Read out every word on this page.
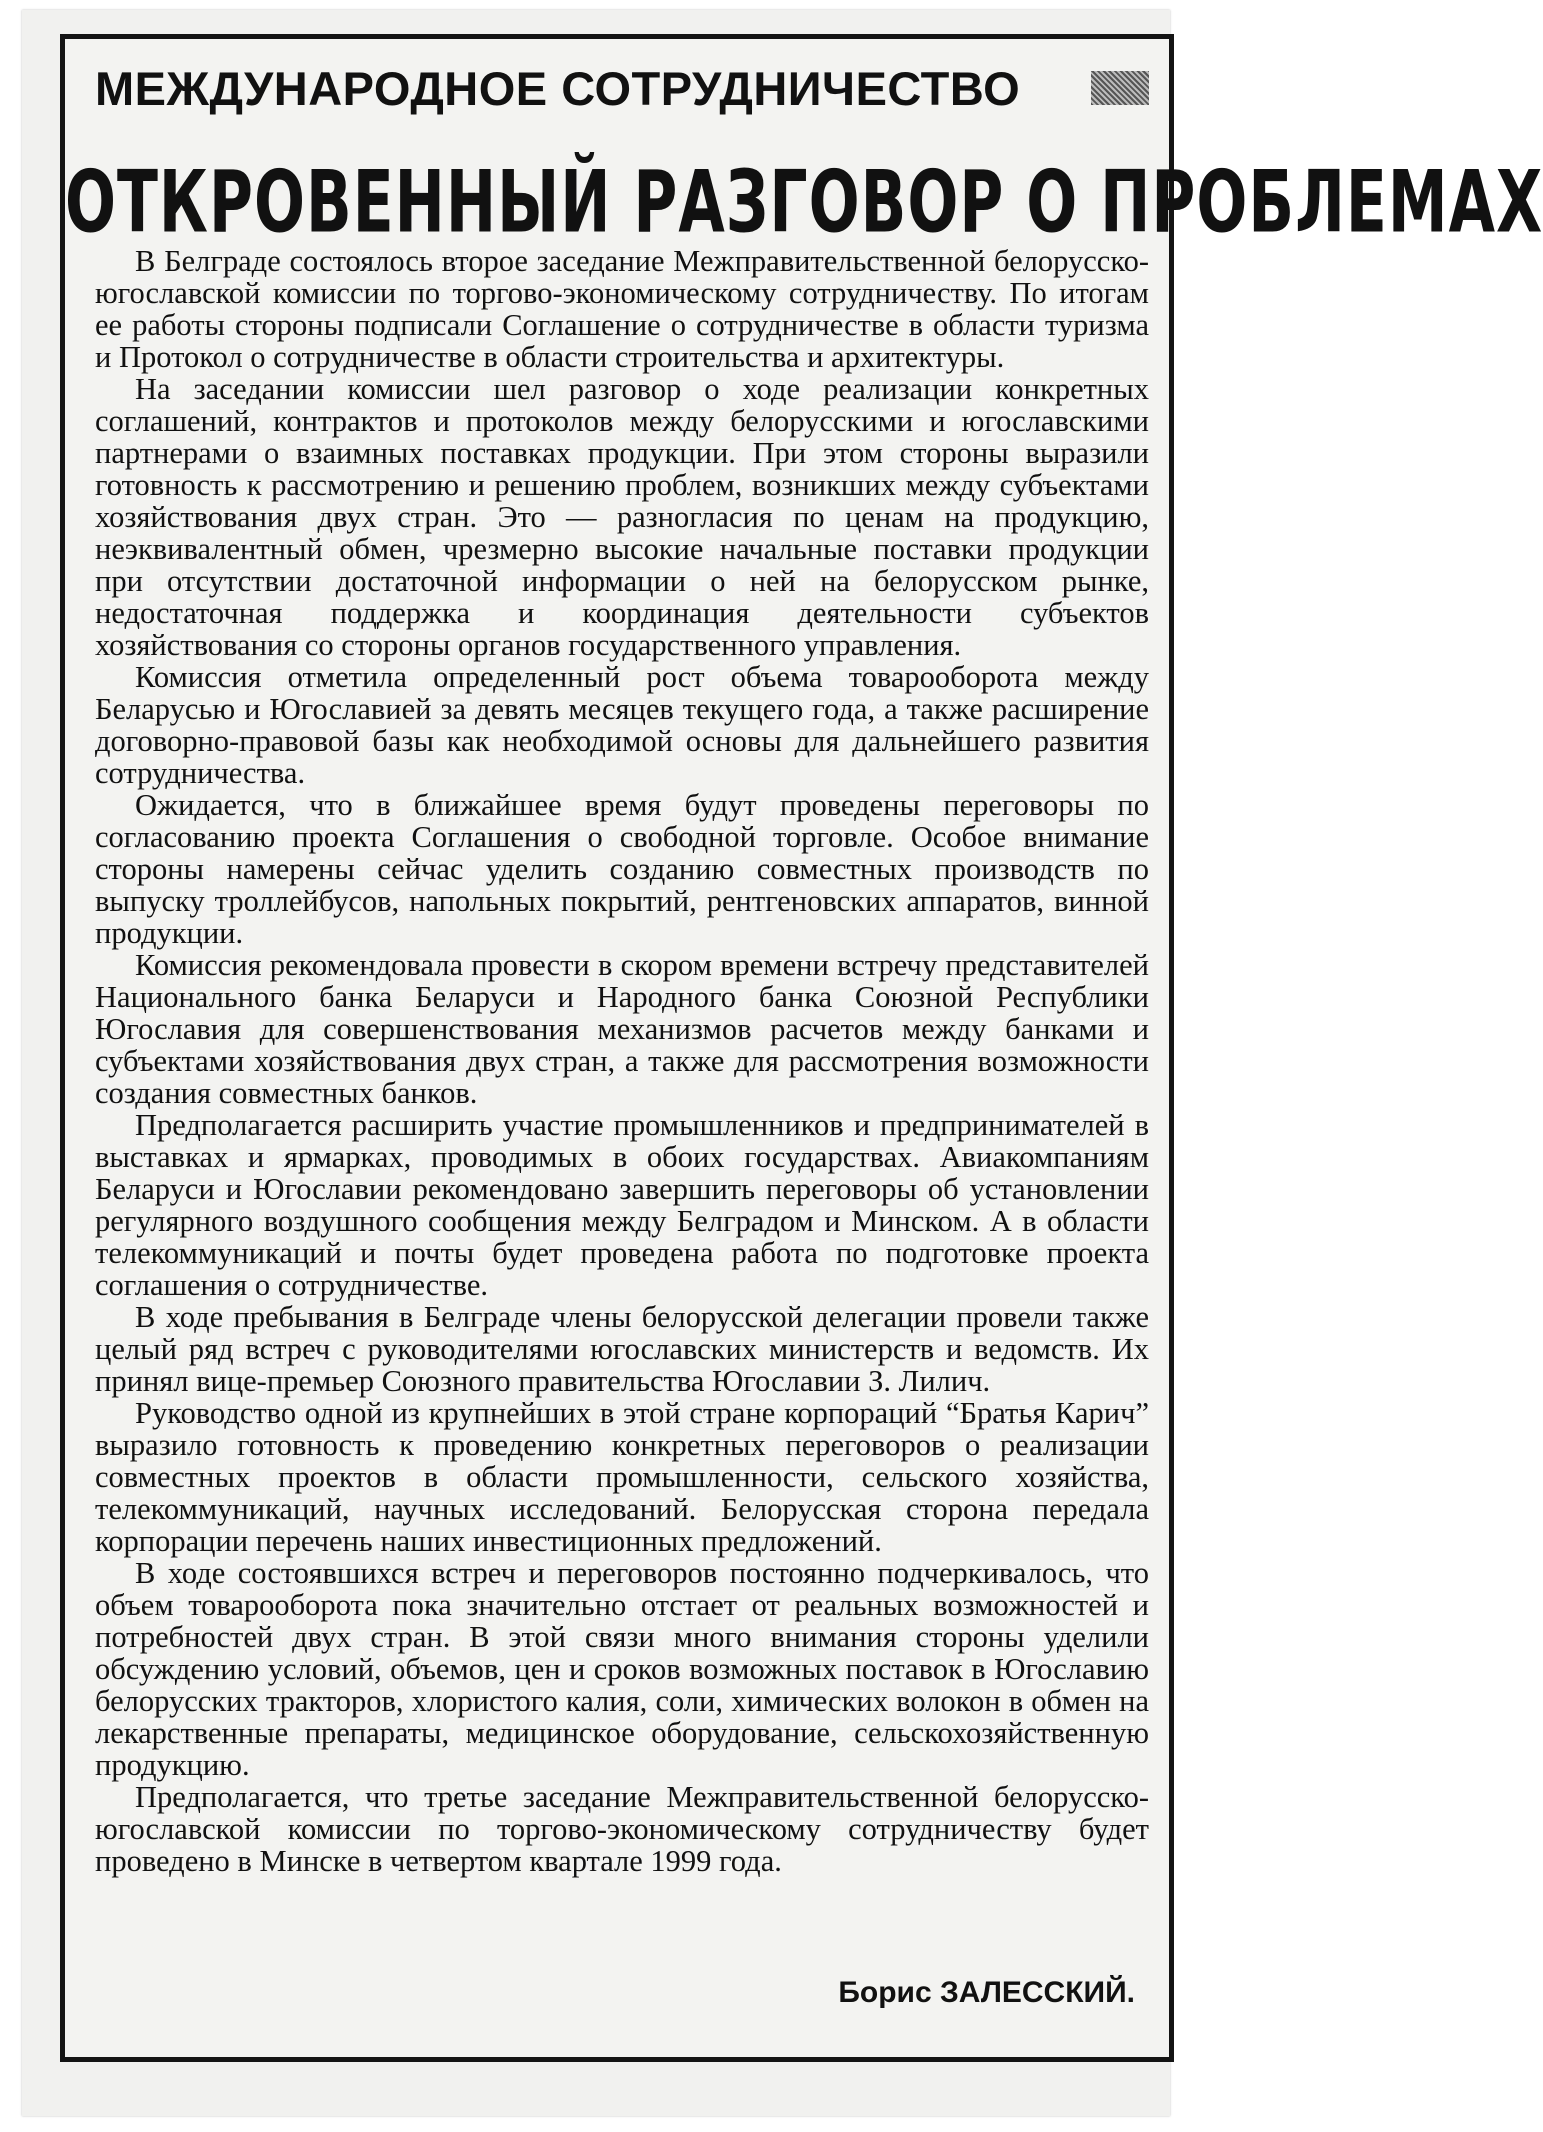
МЕЖДУНАРОДНОЕ СОТРУДНИЧЕСТВО
ОТКРОВЕННЫЙ РАЗГОВОР О ПРОБЛЕМАХ

В Белграде состоялось второе заседание Межправительственной белорусско-югославской комиссии по торгово-экономическому сотрудничеству. По итогам ее работы стороны подписали Соглашение о сотрудничестве в области туризма и Протокол о сотрудничестве в области строительства и архитектуры.

На заседании комиссии шел разговор о ходе реализации конкретных соглашений, контрактов и протоколов между белорусскими и югославскими партнерами о взаимных поставках продукции. При этом стороны выразили готовность к рассмотрению и решению проблем, возникших между субъектами хозяйствования двух стран. Это — разногласия по ценам на продукцию, неэквивалентный обмен, чрезмерно высокие начальные поставки продукции при отсутствии достаточной информации о ней на белорусском рынке, недостаточная поддержка и координация деятельности субъектов хозяйствования со стороны органов государственного управления.

Комиссия отметила определенный рост объема товарооборота между Беларусью и Югославией за девять месяцев текущего года, а также расширение договорно-правовой базы как необходимой основы для дальнейшего развития сотрудничества.

Ожидается, что в ближайшее время будут проведены переговоры по согласованию проекта Соглашения о свободной торговле. Особое внимание стороны намерены сейчас уделить созданию совместных производств по выпуску троллейбусов, напольных покрытий, рентгеновских аппаратов, винной продукции.

Комиссия рекомендовала провести в скором времени встречу представителей Национального банка Беларуси и Народного банка Союзной Республики Югославия для совершенствования механизмов расчетов между банками и субъектами хозяйствования двух стран, а также для рассмотрения возможности создания совместных банков.

Предполагается расширить участие промышленников и предпринимателей в выставках и ярмарках, проводимых в обоих государствах. Авиакомпаниям Беларуси и Югославии рекомендовано завершить переговоры об установлении регулярного воздушного сообщения между Белградом и Минском. А в области телекоммуникаций и почты будет проведена работа по подготовке проекта соглашения о сотрудничестве.

В ходе пребывания в Белграде члены белорусской делегации провели также целый ряд встреч с руководителями югославских министерств и ведомств. Их принял вице-премьер Союзного правительства Югославии З. Лилич.

Руководство одной из крупнейших в этой стране корпораций “Братья Карич” выразило готовность к проведению конкретных переговоров о реализации совместных проектов в области промышленности, сельского хозяйства, телекоммуникаций, научных исследований. Белорусская сторона передала корпорации перечень наших инвестиционных предложений.

В ходе состоявшихся встреч и переговоров постоянно подчеркивалось, что объем товарооборота пока значительно отстает от реальных возможностей и потребностей двух стран. В этой связи много внимания стороны уделили обсуждению условий, объемов, цен и сроков возможных поставок в Югославию белорусских тракторов, хлористого калия, соли, химических волокон в обмен на лекарственные препараты, медицинское оборудование, сельскохозяйственную продукцию.

Предполагается, что третье заседание Межправительственной белорусско-югославской комиссии по торгово-экономическому сотрудничеству будет проведено в Минске в четвертом квартале 1999 года.

Борис ЗАЛЕССКИЙ.
